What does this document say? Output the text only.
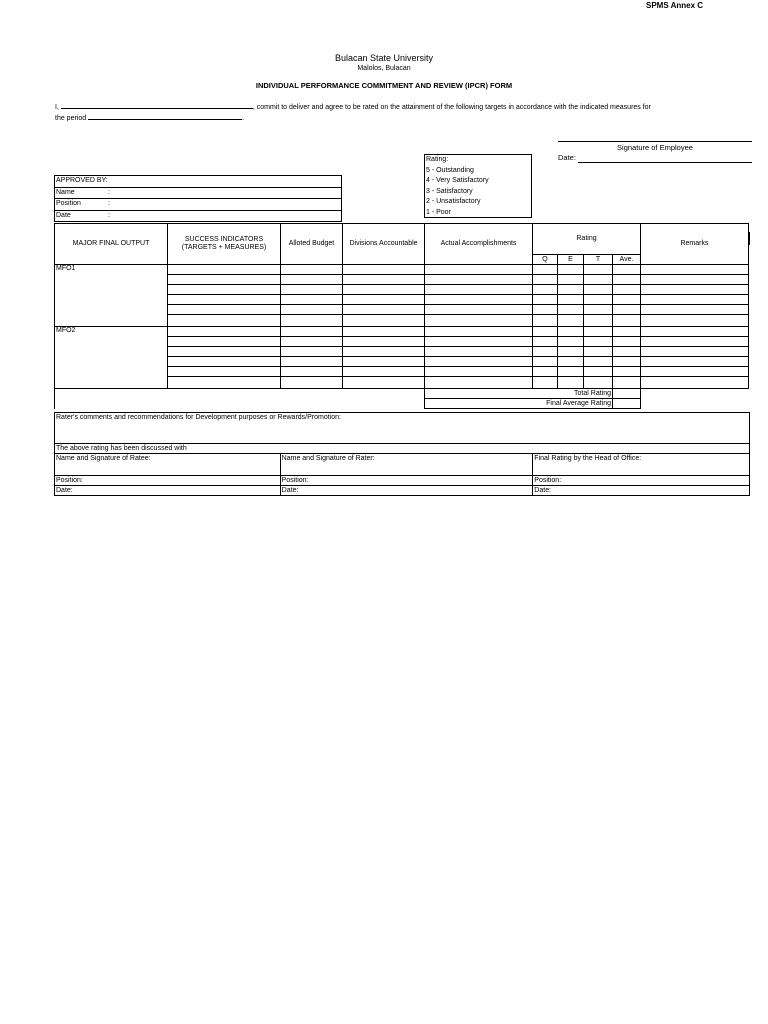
SPMS Annex C
Bulacan State University
Malolos, Bulacan
INDIVIDUAL PERFORMANCE COMMITMENT AND REVIEW (IPCR) FORM
I,	, commit to deliver and agree to be rated on the attainment of the following targets in accordance with the indicated measures for
the period	.
Signature of Employee
Date:
Rating:
5 - Outstanding
4 - Very Satisfactory
3 - Satisfactory
2 - Unsatisfactory
1 - Poor
APPROVED BY:
Name	:
Position	:
Date	:
MAJOR FINAL OUTPUT	SUCCESS INDICATORS (TARGETS + MEASURES)	Alloted Budget	Divisions Accountable	Actual Accomplishments	Rating				Remarks
					Q	E	T	Ave.	
MFO1									

MFO2									

				Total Rating					
				Final Average Rating					
Rater's comments and recommendations for Development purposes or Rewards/Promotion:		
The above rating has been discussed with		
Name and Signature of Ratee:	Name and Signature of Rater:	Final Rating by the Head of Office:
Position:	Position:	Position:
Date:	Date:	Date:
